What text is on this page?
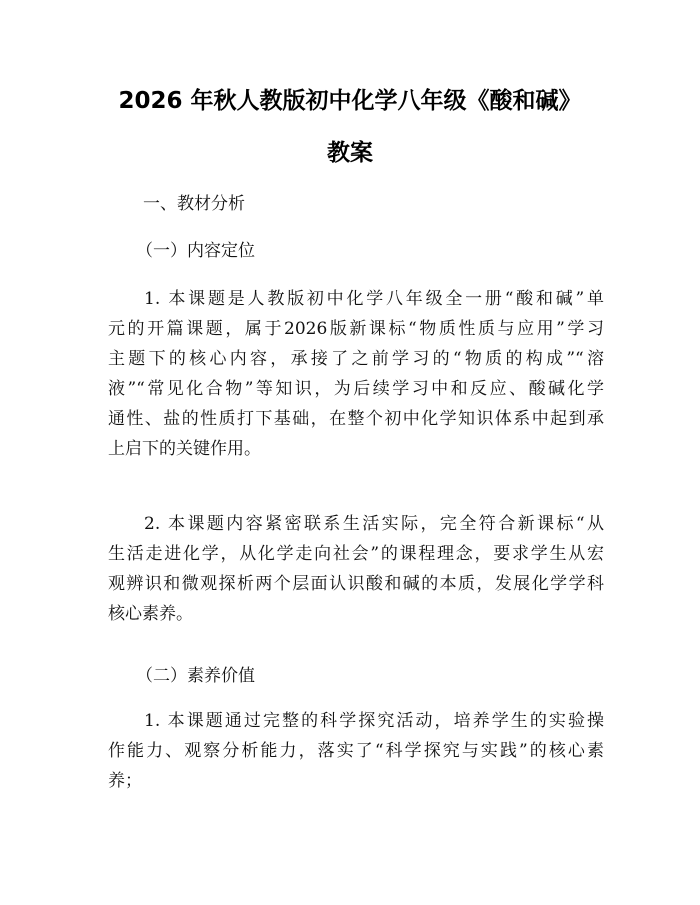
2026 年秋人教版初中化学八年级《酸和碱》
教案

一、教材分析

（一）内容定位

1. 本课题是人教版初中化学八年级全一册“酸和碱”单
元的开篇课题，属于2026版新课标“物质性质与应用”学习
主题下的核心内容，承接了之前学习的“物质的构成”“溶
液”“常见化合物”等知识，为后续学习中和反应、酸碱化学
通性、盐的性质打下基础，在整个初中化学知识体系中起到承
上启下的关键作用。
2. 本课题内容紧密联系生活实际，完全符合新课标“从
生活走进化学，从化学走向社会”的课程理念，要求学生从宏
观辨识和微观探析两个层面认识酸和碱的本质，发展化学学科
核心素养。

（二）素养价值

1. 本课题通过完整的科学探究活动，培养学生的实验操
作能力、观察分析能力，落实了“科学探究与实践”的核心素
养；
